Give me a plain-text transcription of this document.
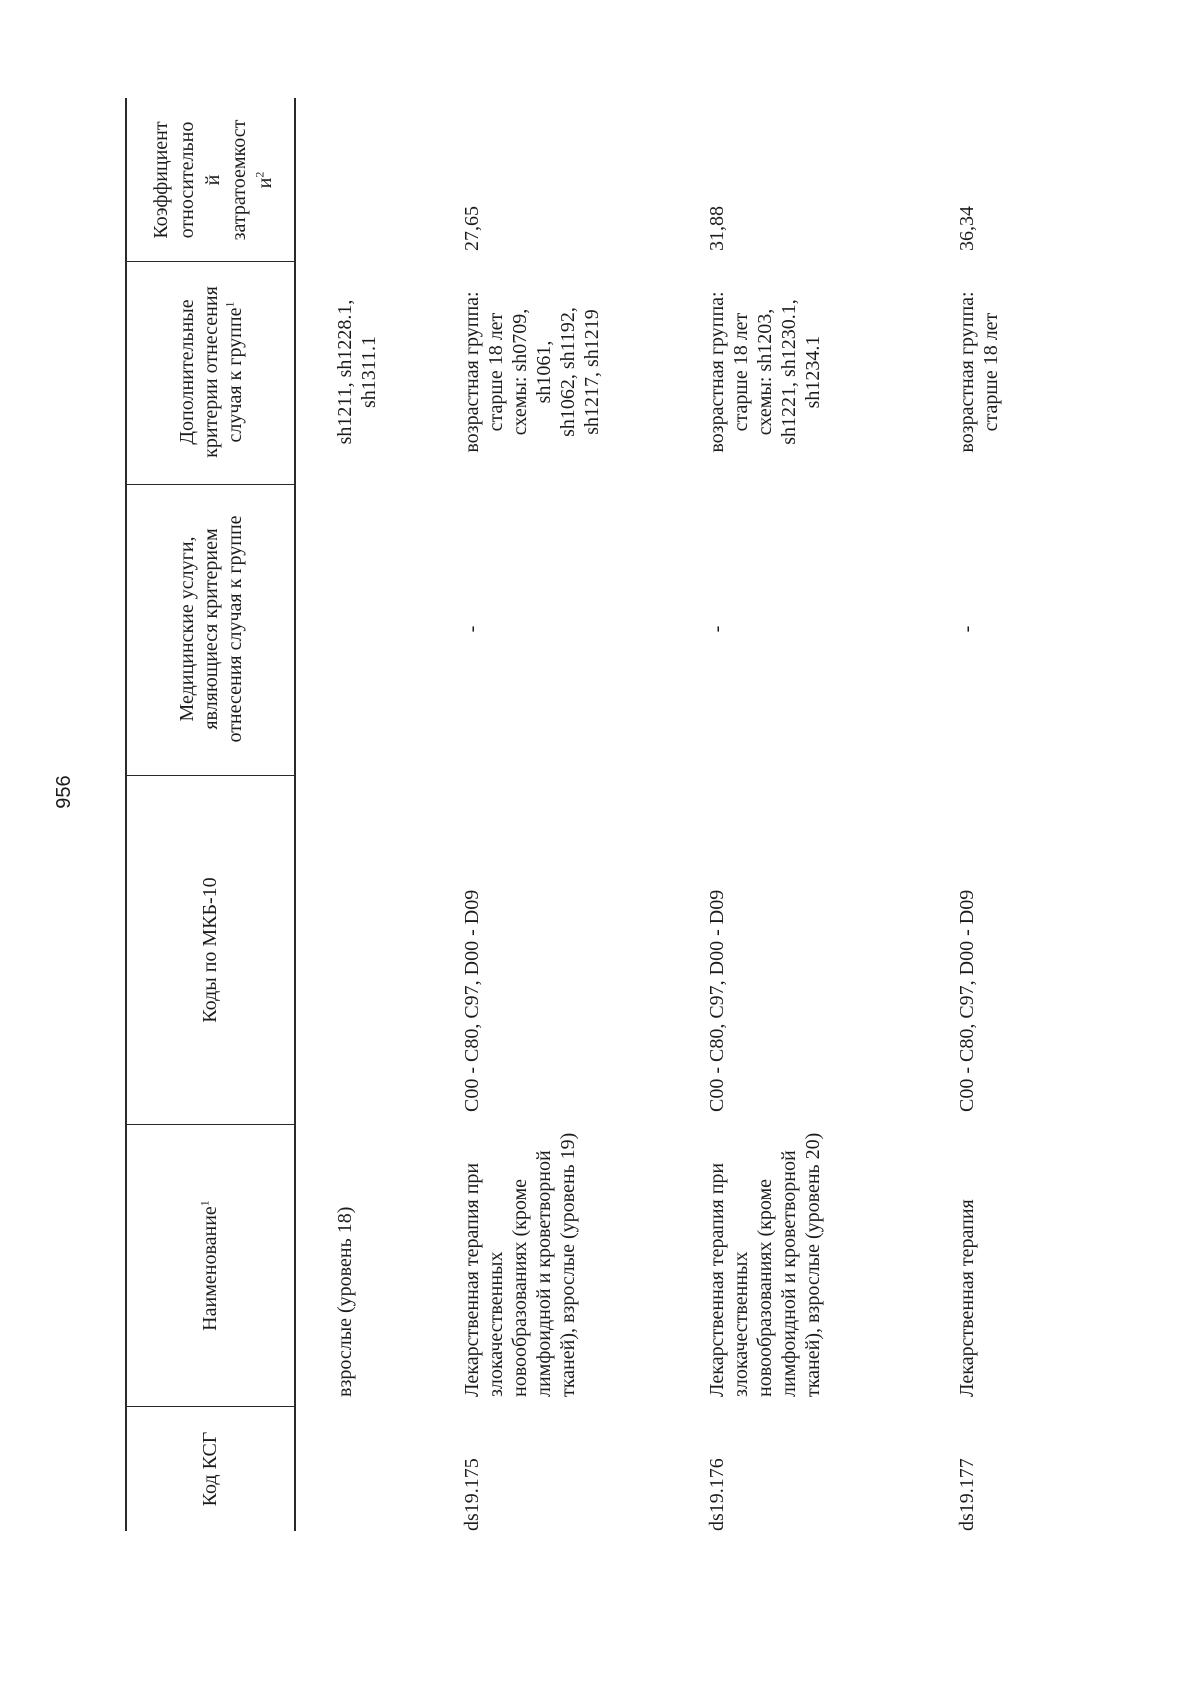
956
Код КСГ
Наименование$^1$
Коды по МКБ-10
Медицинские услуги, являющиеся критерием отнесения случая к группе
Дополнительные критерии отнесения случая к группе$^1$
Коэффициент относительно й затратоемкост $и^2$
взрослые (уровень 18)
sh1211, sh1228.1, sh1311.1
ds19.175
Лекарственная терапия при злокачественных новообразованиях (кроме лимфоидной и кроветворной тканей), взрослые (уровень 19)
C00 - C80, C97, D00 - D09
-
возрастная группа: старше 18 лет схемы: sh0709, sh1061, sh1062, sh1192, sh1217, sh1219
27,65
ds19.176
Лекарственная терапия при злокачественных новообразованиях (кроме лимфоидной и кроветворной тканей), взрослые (уровень 20)
C00 - C80, C97, D00 - D09
-
возрастная группа: старше 18 лет схемы: sh1203, sh1221, sh1230.1, sh1234.1
31,88
ds19.177
Лекарственная терапия
C00 - C80, C97, D00 - D09
-
возрастная группа: старше 18 лет
36,34
